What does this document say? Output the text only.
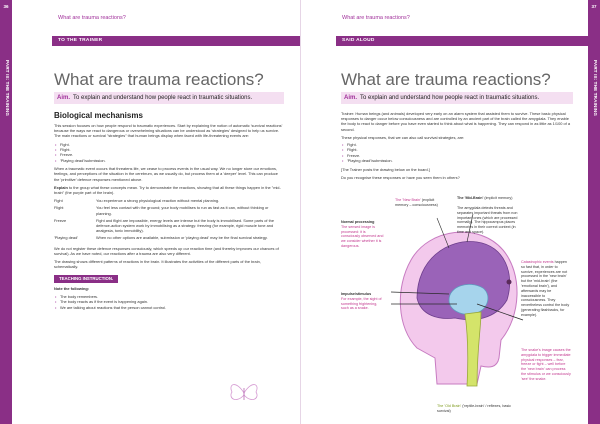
36
PART III: THE TRAINING
What are trauma reactions?
TO THE TRAINER
What are trauma reactions?
Aim. To explain and understand how people react in traumatic situations.
Biological mechanisms

This session focuses on how people respond to traumatic experiences. Start by explaining the notion of automatic 'survival reactions' because the ways we react to dangerous or overwhelming situations can be understood as 'strategies' designed to help us survive. The main reactions or survival "strategies" that human beings display when faced with life-threatening events are:

• Fight.
• Flight.
• Freeze.
• 'Playing dead'/submission.

When a traumatic event occurs that threatens life, we cease to process events in the usual way. We no longer store our emotions, feelings, and perceptions of the situation in the cerebrum, as we usually do, but process them at a 'deeper' level. This can produce the 'primitive' defence responses mentioned above.

Explain to the group what these concepts mean. Try to demonstrate the reactions, showing that all these things happen in the "mid-brain" (the purple part of the brain).

Fight	You experience a strong physiological reaction without mental planning.
Flight	You feel less contact with the ground; your body mobilises to run as fast as it can, without thinking or planning.
Freeze	Fight and flight are impossible, energy levels are intense but the body is immobilised. Some parts of the defence-action system work by immobilising as a strategy: freezing (for example, rigid muscle tone and analgesia, tonic immobility).
'Playing dead'	When no other options are available, submission or 'playing dead' may be the final survival strategy.

We do not register these defence responses consciously, which speeds up our reaction time (and thereby improves our chances of survival). As we have noted, our reactions after a trauma are also very different.

The drawing shows different patterns of reactions in the brain. It illustrates the activities of the different parts of the brain, schematically.

TEACHING INSTRUCTION.

Note the following:

• The body remembers.
• The body reacts as if the event is happening again.
• We are talking about reactions that the person cannot control.
37
PART III: THE TRAINING
What are trauma reactions?
SAID ALOUD
What are trauma reactions?
Aim. To explain and understand how people react in traumatic situations.

Trainer: Human beings (and animals) developed very early on an alarm system that assisted them to survive. These basic physical responses to danger occur below consciousness and are controlled by an ancient part of the brain called the amygdala. They enable the body to react to danger before you have even started to think about what is happening. They can respond in as little as 1/100 of a second.

These physical responses, that we can also call survival strategies, are:

• Fight.
• Flight.
• Freeze.
• 'Playing dead'/submission.

[The Trainer posts the drawing below on the board.]

Do you recognise these responses or have you seen them in others?

The 'New Brain' (explicit memory – consciousness)
The 'Mid-Brain' (implicit memory)
The amygdala detects threats and separates important threats from non important ones (which are processed normally). The hippocampus places memories in their correct context (in time and space).
Normal processing
The sensed image is processed: it is consciously observed and we consider whether it is dangerous.
Impulse/stimulus
For example, the sight of something frightening, such as a snake.
Catastrophic events happen so fast that, in order to survive, experiences are not processed in the 'new brain' but the 'mid-brain' (the 'emotional brain'), and afterwards may be inaccessible to consciousness. They nevertheless control the body (generating flashbacks, for example).
The snake's image causes the amygdala to trigger immediate physical responses – fear, freeze or fight – well before the 'new brain' can process the stimulus or we consciously 'see' the snake.
The 'Old Brain' ('reptile-brain' / reflexes, basic survival)
